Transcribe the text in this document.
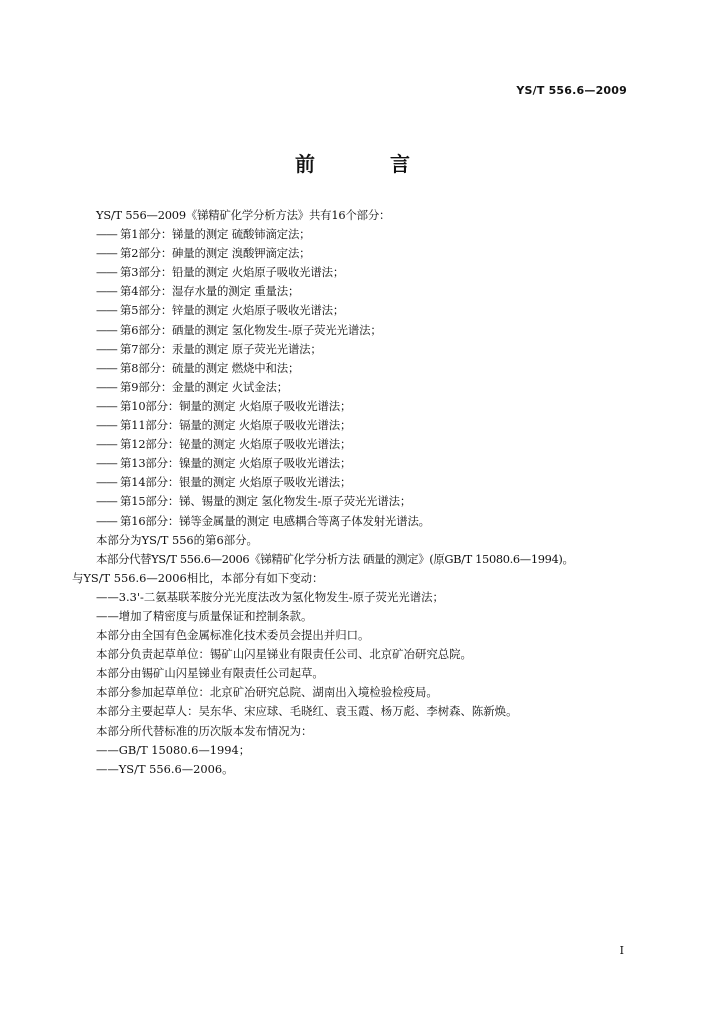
YS/T 556.6—2009
前 言
YS/T 556—2009《锑精矿化学分析方法》共有16个部分：
—— 第1部分：锑量的测定 硫酸铈滴定法；
—— 第2部分：砷量的测定 溴酸钾滴定法；
—— 第3部分：铅量的测定 火焰原子吸收光谱法；
—— 第4部分：湿存水量的测定 重量法；
—— 第5部分：锌量的测定 火焰原子吸收光谱法；
—— 第6部分：硒量的测定 氢化物发生-原子荧光光谱法；
—— 第7部分：汞量的测定 原子荧光光谱法；
—— 第8部分：硫量的测定 燃烧中和法；
—— 第9部分：金量的测定 火试金法；
—— 第10部分：铜量的测定 火焰原子吸收光谱法；
—— 第11部分：镉量的测定 火焰原子吸收光谱法；
—— 第12部分：铋量的测定 火焰原子吸收光谱法；
—— 第13部分：镍量的测定 火焰原子吸收光谱法；
—— 第14部分：银量的测定 火焰原子吸收光谱法；
—— 第15部分：锑、锡量的测定 氢化物发生-原子荧光光谱法；
—— 第16部分：锑等金属量的测定 电感耦合等离子体发射光谱法。
本部分为YS/T 556的第6部分。
本部分代替YS/T 556.6—2006《锑精矿化学分析方法 硒量的测定》(原GB/T 15080.6—1994)。
与YS/T 556.6—2006相比，本部分有如下变动：
——3.3'-二氨基联苯胺分光光度法改为氢化物发生-原子荧光光谱法；
——增加了精密度与质量保证和控制条款。
本部分由全国有色金属标准化技术委员会提出并归口。
本部分负责起草单位：锡矿山闪星锑业有限责任公司、北京矿冶研究总院。
本部分由锡矿山闪星锑业有限责任公司起草。
本部分参加起草单位：北京矿冶研究总院、湖南出入境检验检疫局。
本部分主要起草人：吴东华、宋应球、毛晓红、袁玉霞、杨万彪、李树森、陈新焕。
本部分所代替标准的历次版本发布情况为：
——GB/T 15080.6—1994；
——YS/T 556.6—2006。
I
